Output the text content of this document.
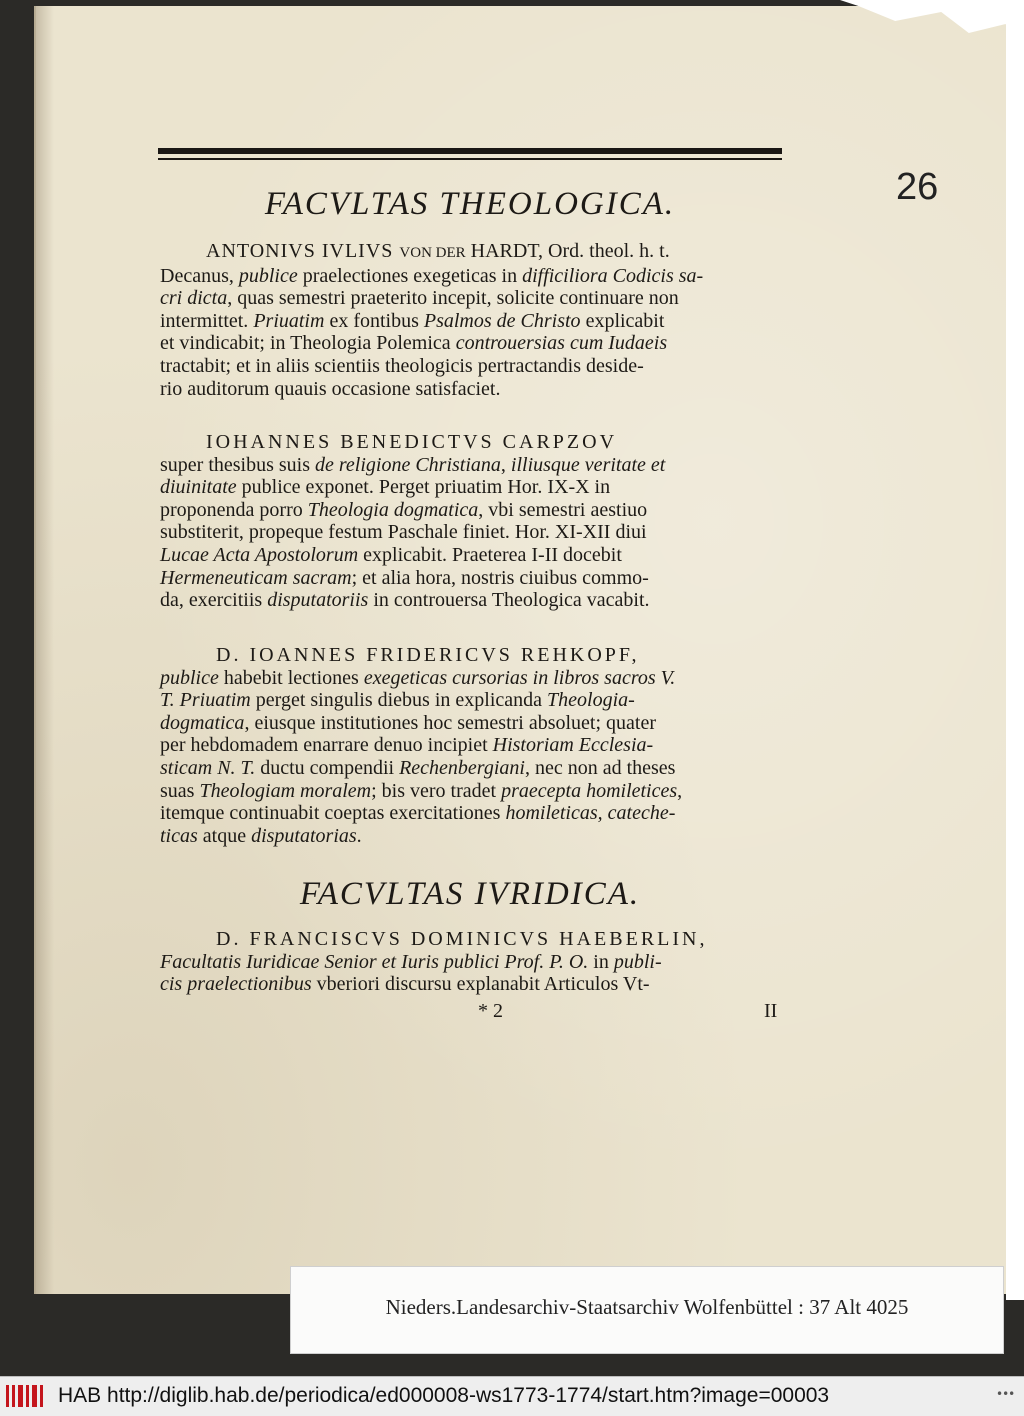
26
FACVLTAS THEOLOGICA.
ANTONIVS IVLIVS VON DER HARDT, Ord. theol. h. t.
Decanus, publice praelectiones exegeticas in difficiliora Codicis sa-
cri dicta, quas semestri praeterito incepit, solicite continuare non
intermittet. Priuatim ex fontibus Psalmos de Christo explicabit
et vindicabit; in Theologia Polemica controuersias cum Iudaeis
tractabit; et in aliis scientiis theologicis pertractandis deside-
rio auditorum quauis occasione satisfaciet.
IOHANNES BENEDICTVS CARPZOV
super thesibus suis de religione Christiana, illiusque veritate et
diuinitate publice exponet. Perget priuatim Hor. IX-X in
proponenda porro Theologia dogmatica, vbi semestri aestiuo
substiterit, propeque festum Paschale finiet. Hor. XI-XII diui
Lucae Acta Apostolorum explicabit. Praeterea I-II docebit
Hermeneuticam sacram; et alia hora, nostris ciuibus commo-
da, exercitiis disputatoriis in controuersa Theologica vacabit.
D. IOANNES FRIDERICVS REHKOPF,
publice habebit lectiones exegeticas cursorias in libros sacros V.
T. Priuatim perget singulis diebus in explicanda Theologia-
dogmatica, eiusque institutiones hoc semestri absoluet; quater
per hebdomadem enarrare denuo incipiet Historiam Ecclesia-
sticam N. T. ductu compendii Rechenbergiani, nec non ad theses
suas Theologiam moralem; bis vero tradet praecepta homiletices,
itemque continuabit coeptas exercitationes homileticas, cateche-
ticas atque disputatorias.
FACVLTAS IVRIDICA.
D. FRANCISCVS DOMINICVS HAEBERLIN,
Facultatis Iuridicae Senior et Iuris publici Prof. P. O. in publi-
cis praelectionibus vberiori discursu explanabit Articulos Vt-
* 2	II
Nieders.Landesarchiv-Staatsarchiv Wolfenbüttel : 37 Alt 4025
HAB http://diglib.hab.de/periodica/ed000008-ws1773-1774/start.htm?image=00003	•••
